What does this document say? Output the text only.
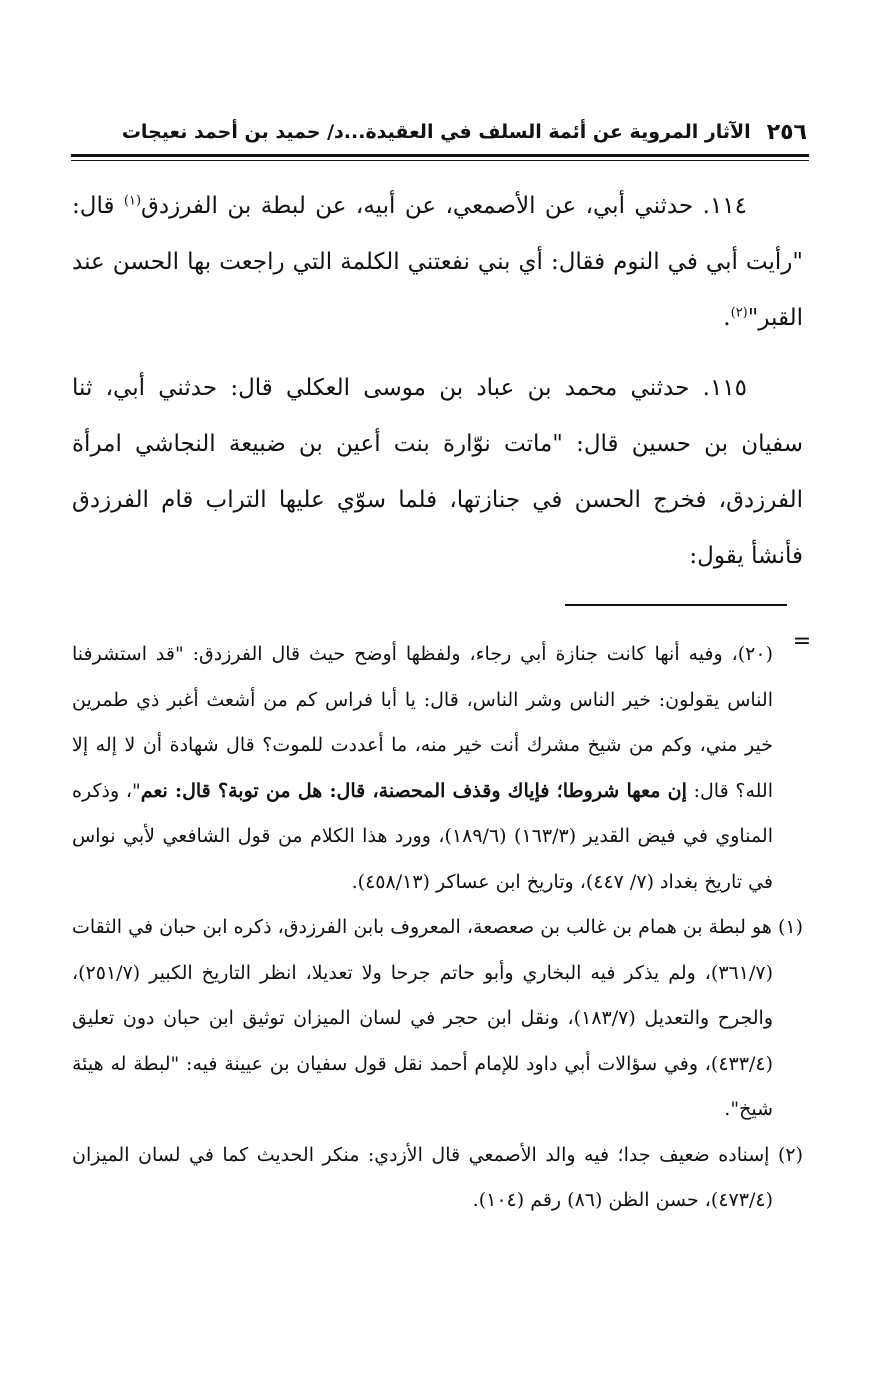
٢٥٦
الآثار المروية عن أئمة السلف في العقيدة...د/ حميد بن أحمد نعيجات

١١٤. حدثني أبي، عن الأصمعي، عن أبيه، عن لبطة بن الفرزدق$^{(١)}$ قال: "رأيت أبي في النوم فقال: أي بني نفعتني الكلمة التي راجعت بها الحسن عند القبر"$^{(٢)}$.

١١٥. حدثني محمد بن عباد بن موسى العكلي قال: حدثني أبي، ثنا سفيان بن حسين قال: "ماتت نوّارة بنت أعين بن ضبيعة النجاشي امرأة الفرزدق، فخرج الحسن في جنازتها، فلما سوّي عليها التراب قام الفرزدق فأنشأ يقول:

=

(٢٠)، وفيه أنها كانت جنازة أبي رجاء، ولفظها أوضح حيث قال الفرزدق: "قد استشرفنا الناس يقولون: خير الناس وشر الناس، قال: يا أبا فراس كم من أشعث أغبر ذي طمرين خير مني، وكم من شيخ مشرك أنت خير منه، ما أعددت للموت؟ قال شهادة أن لا إله إلا الله؟ قال: إن معها شروطا؛ فإياك وقذف المحصنة، قال: هل من توبة؟ قال: نعم"، وذكره المناوي في فيض القدير (١٦٣/٣) (١٨٩/٦)، وورد هذا الكلام من قول الشافعي لأبي نواس في تاريخ بغداد (٧/ ٤٤٧)، وتاريخ ابن عساكر (٤٥٨/١٣).

(١) هو لبطة بن همام بن غالب بن صعصعة، المعروف بابن الفرزدق، ذكره ابن حبان في الثقات (٣٦١/٧)، ولم يذكر فيه البخاري وأبو حاتم جرحا ولا تعديلا، انظر التاريخ الكبير (٢٥١/٧)، والجرح والتعديل (١٨٣/٧)، ونقل ابن حجر في لسان الميزان توثيق ابن حبان دون تعليق (٤٣٣/٤)، وفي سؤالات أبي داود للإمام أحمد نقل قول سفيان بن عيينة فيه: "لبطة له هيئة شيخ".

(٢) إسناده ضعيف جدا؛ فيه والد الأصمعي قال الأزدي: منكر الحديث كما في لسان الميزان (٤٧٣/٤)، حسن الظن (٨٦) رقم (١٠٤).
